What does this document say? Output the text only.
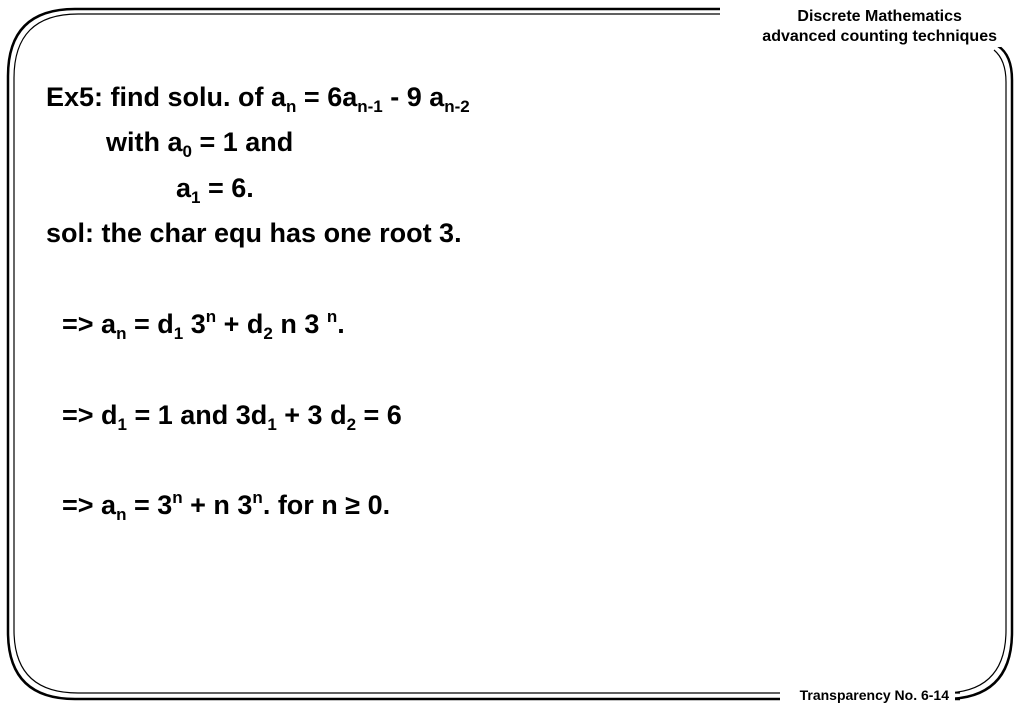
Discrete Mathematics
advanced counting techniques
Transparency No. 6-14
Ex5: find solu. of $a_n = 6a_{n-1} - 9$ $a_{n-2}$
with $a_0 = 1$ and
$a_1 = 6$.
sol: the char equ has one root 3.
=> $a_n = d_1$ $3^n + d_2$ n 3 $^n$.
=> $d_1 = 1$ and $3d_1 + 3$ $d_2 = 6$
=> $a_n = 3^n + n$ 3$^n$. for n ≥ 0.
